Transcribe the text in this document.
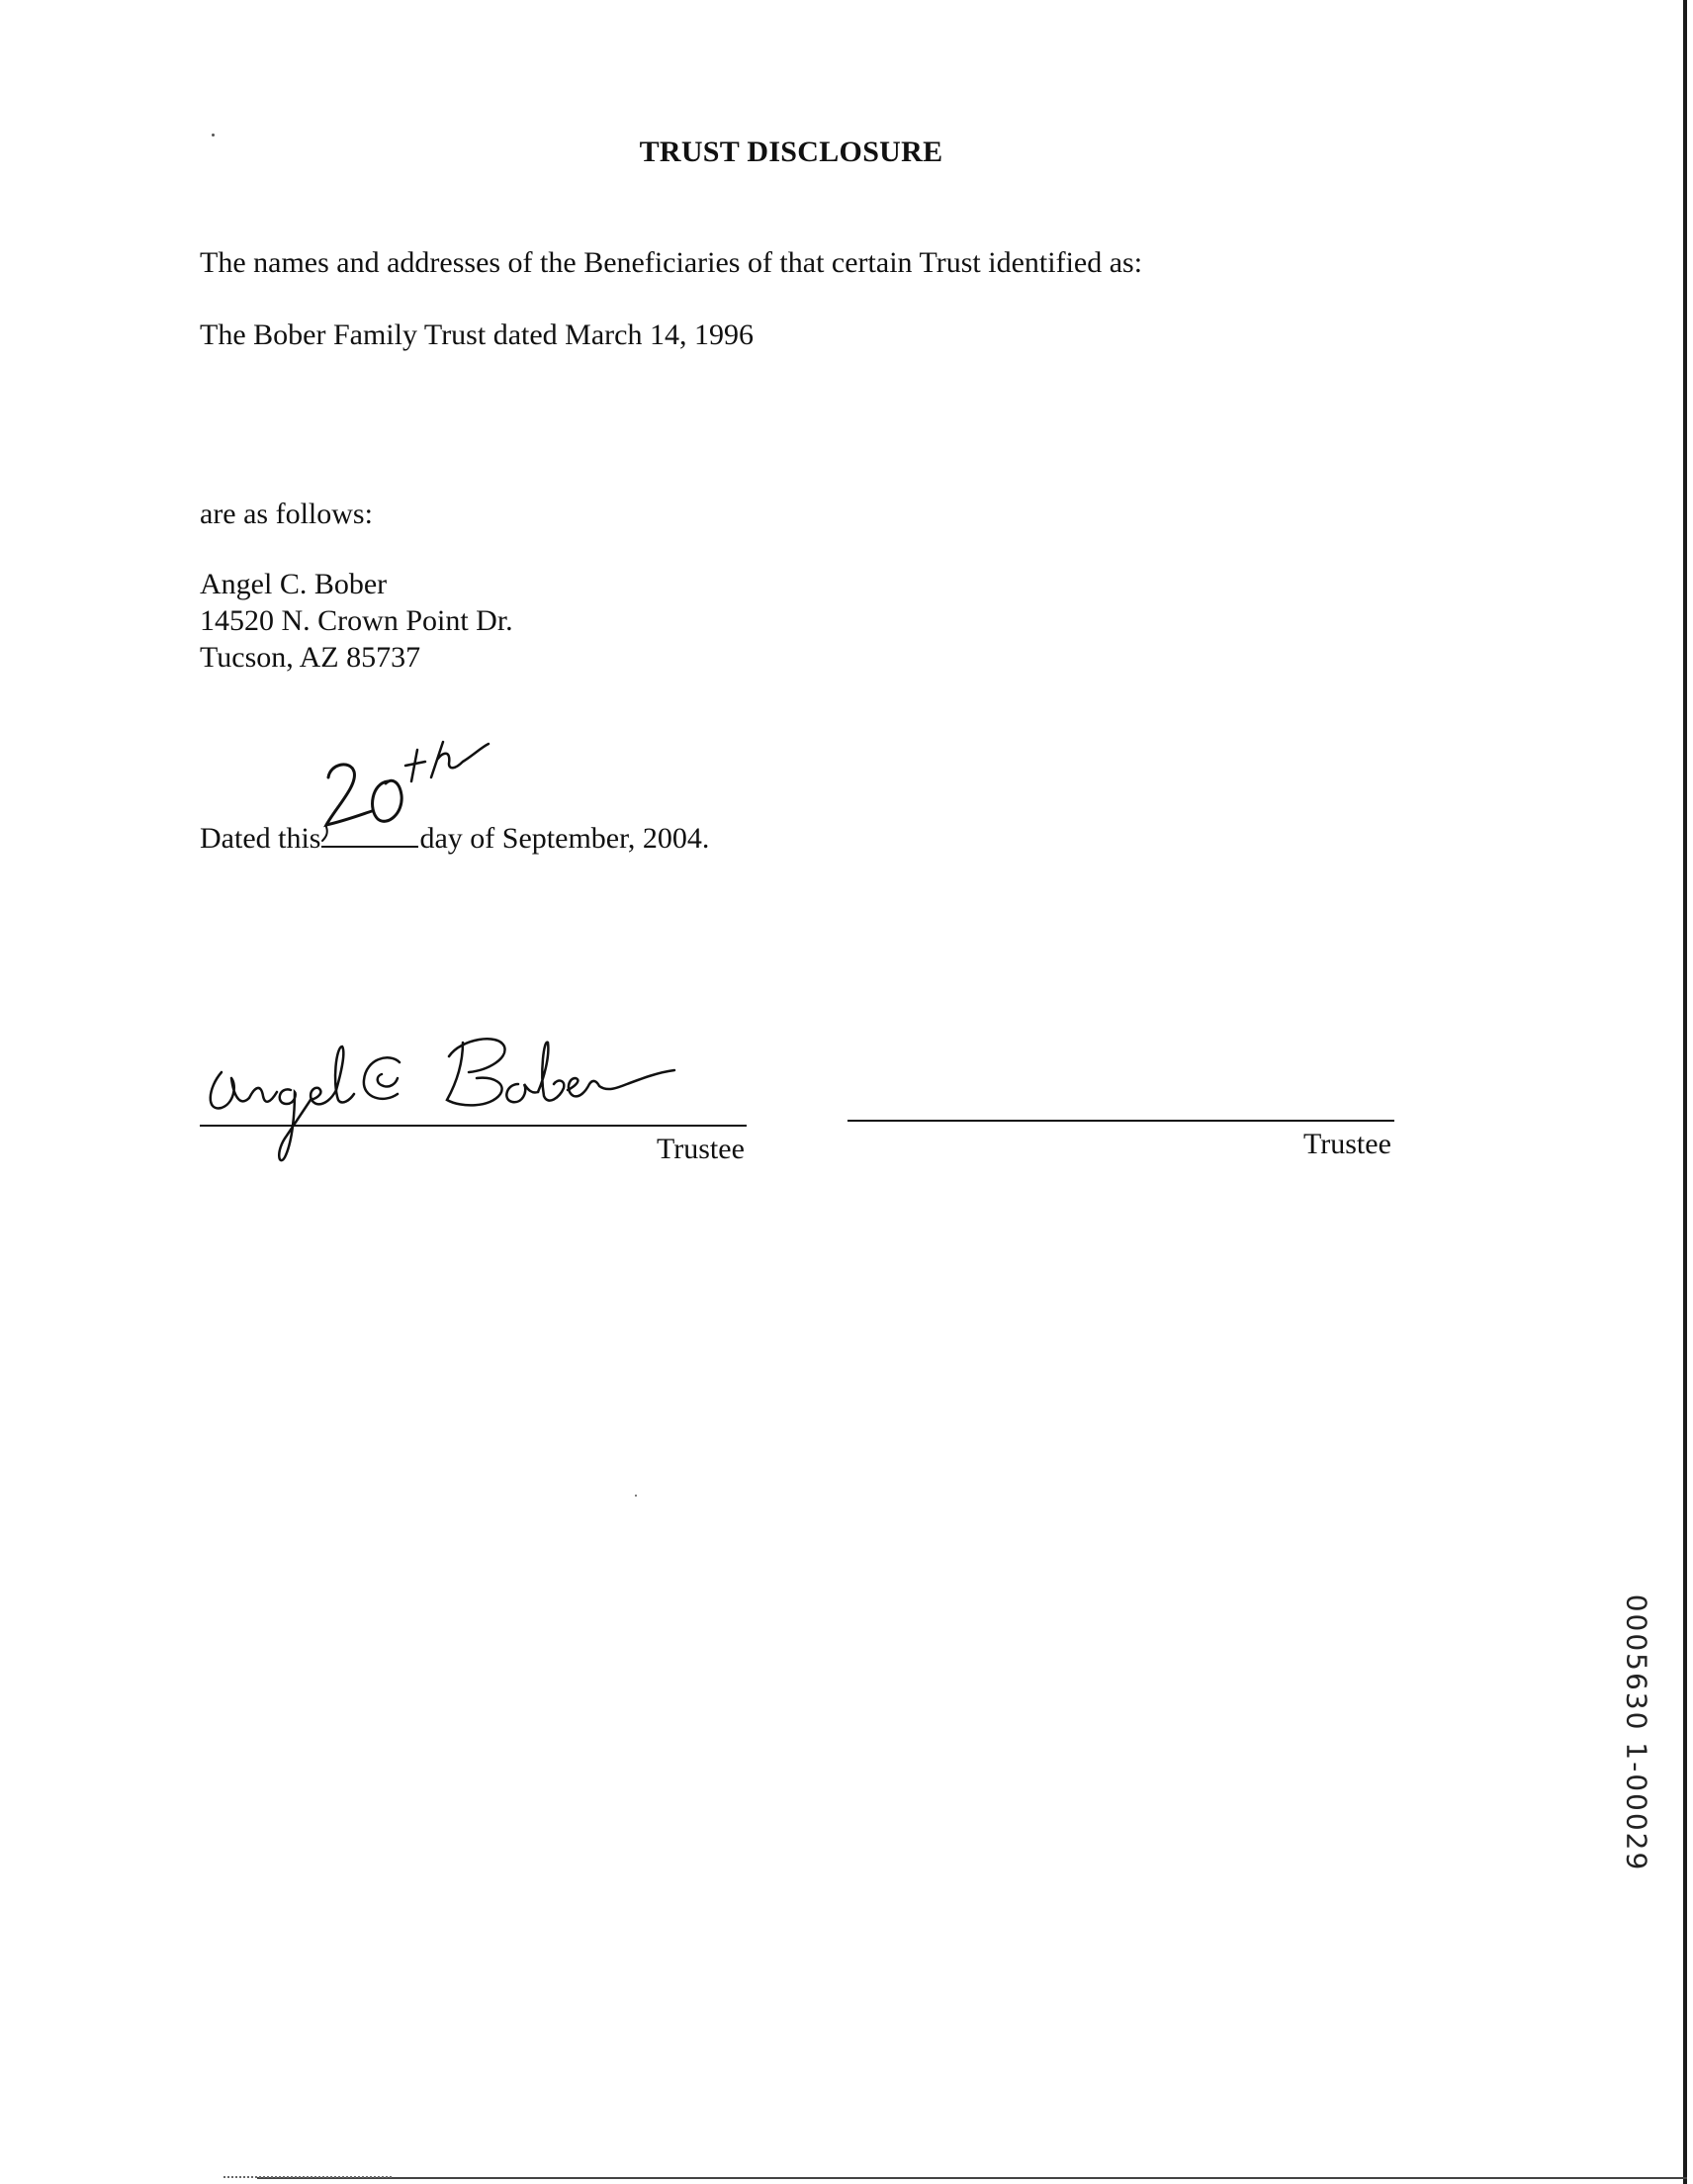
TRUST DISCLOSURE
The names and addresses of the Beneficiaries of that certain Trust identified as:
The Bober Family Trust dated March 14, 1996
are as follows:
Angel C. Bober
14520 N. Crown Point Dr.
Tucson, AZ 85737
Dated this	day of September, 2004.
Trustee	Trustee
0005630 1-00029
